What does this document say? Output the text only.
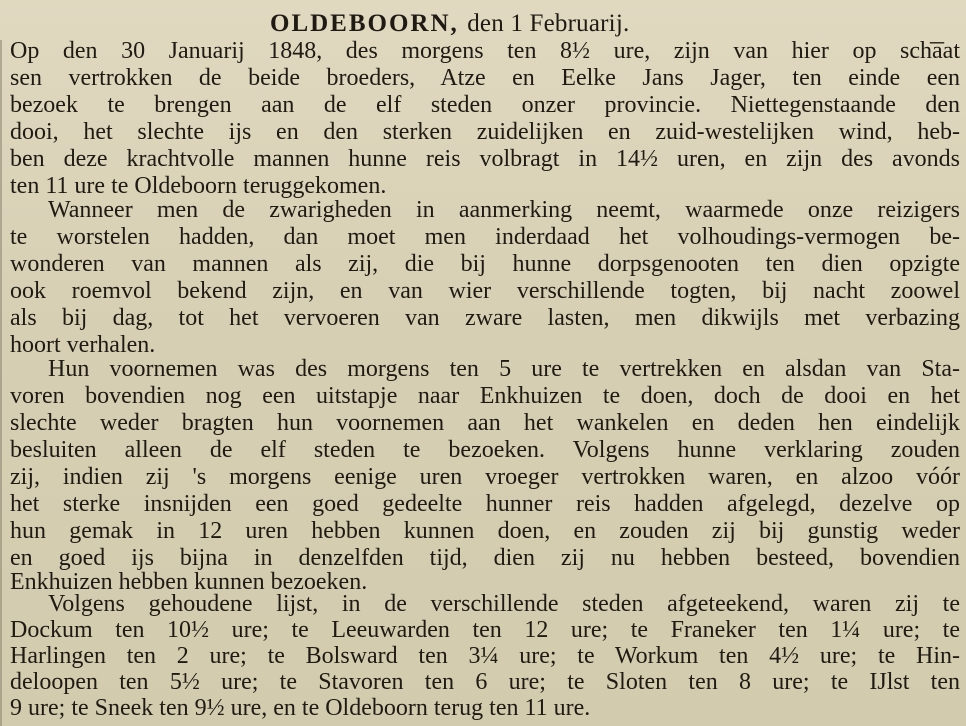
_
OLDEBOORN, den 1 Februarij.
Op den 30 Januarij 1848, des morgens ten 8½ ure, zijn van hier op schaat
sen vertrokken de beide broeders, Atze en Eelke Jans Jager, ten einde een
bezoek te brengen aan de elf steden onzer provincie. Niettegenstaande den
dooi, het slechte ijs en den sterken zuidelijken en zuid-westelijken wind, heb-
ben deze krachtvolle mannen hunne reis volbragt in 14½ uren, en zijn des avonds
ten 11 ure te Oldeboorn teruggekomen.
Wanneer men de zwarigheden in aanmerking neemt, waarmede onze reizigers
te worstelen hadden, dan moet men inderdaad het volhoudings-vermogen be-
wonderen van mannen als zij, die bij hunne dorpsgenooten ten dien opzigte
ook roemvol bekend zijn, en van wier verschillende togten, bij nacht zoowel
als bij dag, tot het vervoeren van zware lasten, men dikwijls met verbazing
hoort verhalen.
Hun voornemen was des morgens ten 5 ure te vertrekken en alsdan van Sta-
voren bovendien nog een uitstapje naar Enkhuizen te doen, doch de dooi en het
slechte weder bragten hun voornemen aan het wankelen en deden hen eindelijk
besluiten alleen de elf steden te bezoeken. Volgens hunne verklaring zouden
zij, indien zij 's morgens eenige uren vroeger vertrokken waren, en alzoo vóór
het sterke insnijden een goed gedeelte hunner reis hadden afgelegd, dezelve op
hun gemak in 12 uren hebben kunnen doen, en zouden zij bij gunstig weder
en goed ijs bijna in denzelfden tijd, dien zij nu hebben besteed, bovendien
Enkhuizen hebben kunnen bezoeken.
Volgens gehoudene lijst, in de verschillende steden afgeteekend, waren zij te
Dockum ten 10½ ure; te Leeuwarden ten 12 ure; te Franeker ten 1¼ ure; te
Harlingen ten 2 ure; te Bolsward ten 3¼ ure; te Workum ten 4½ ure; te Hin-
deloopen ten 5½ ure; te Stavoren ten 6 ure; te Sloten ten 8 ure; te IJlst ten
9 ure; te Sneek ten 9½ ure, en te Oldeboorn terug ten 11 ure.
